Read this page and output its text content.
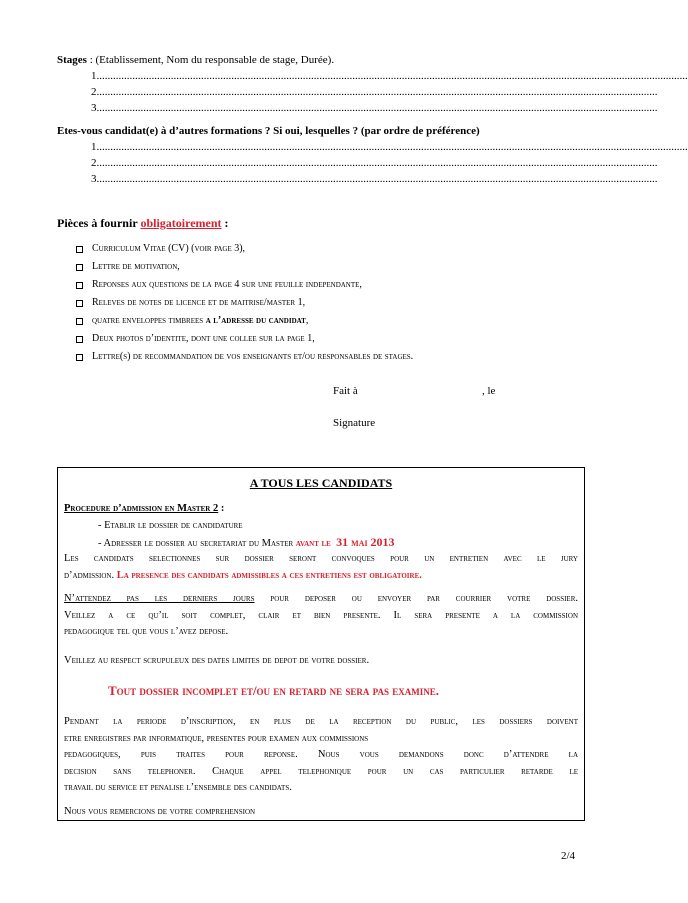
Stages : (Etablissement, Nom du responsable de stage, Durée).
1.......................................................................................................................................................................................................................
2............................................................................................................................................................................................................
3............................................................................................................................................................................................................
Etes-vous candidat(e) à d’autres formations ? Si oui, lesquelles ? (par ordre de préférence)
1.......................................................................................................................................................................................................................
2............................................................................................................................................................................................................
3............................................................................................................................................................................................................
Pièces à fournir obligatoirement :
Curriculum Vitae (CV) (voir page 3),
Lettre de motivation,
Reponses aux questions de la page 4 sur une feuille independante,
Releves de notes de licence et de maitrise/master 1,
quatre enveloppes timbrees a l’adresse du candidat,
Deux photos d’identite, dont une collee sur la page 1,
Lettre(s) de recommandation de vos enseignants et/ou responsables de stages.
Fait à	, le
Signature
A TOUS LES CANDIDATS
Procedure d’admission en Master 2 :
- Etablir le dossier de candidature
- Adresser le dossier au secretariat du Master avant le 31 mai 2013
Les candidats selectionnes sur dossier seront convoques pour un entretien avec le jury
d’admission. La presence des candidats admissibles a ces entretiens est obligatoire.
N’attendez pas les derniers jours pour deposer ou envoyer par courrier votre dossier.
Veillez a ce qu’il soit complet, clair et bien presente. Il sera presente a la commission
pedagogique tel que vous l’avez depose.
Veillez au respect scrupuleux des dates limites de depot de votre dossier.
Tout dossier incomplet et/ou en retard ne sera pas examine.
Pendant la periode d’inscription, en plus de la reception du public, les dossiers doivent
etre enregistres par informatique, presentes pour examen aux commissions
pedagogiques, puis traites pour reponse. Nous vous demandons donc d’attendre la
decision sans telephoner. Chaque appel telephonique pour un cas particulier retarde le
travail du service et penalise l’ensemble des candidats.
Nous vous remercions de votre comprehension
2/4
